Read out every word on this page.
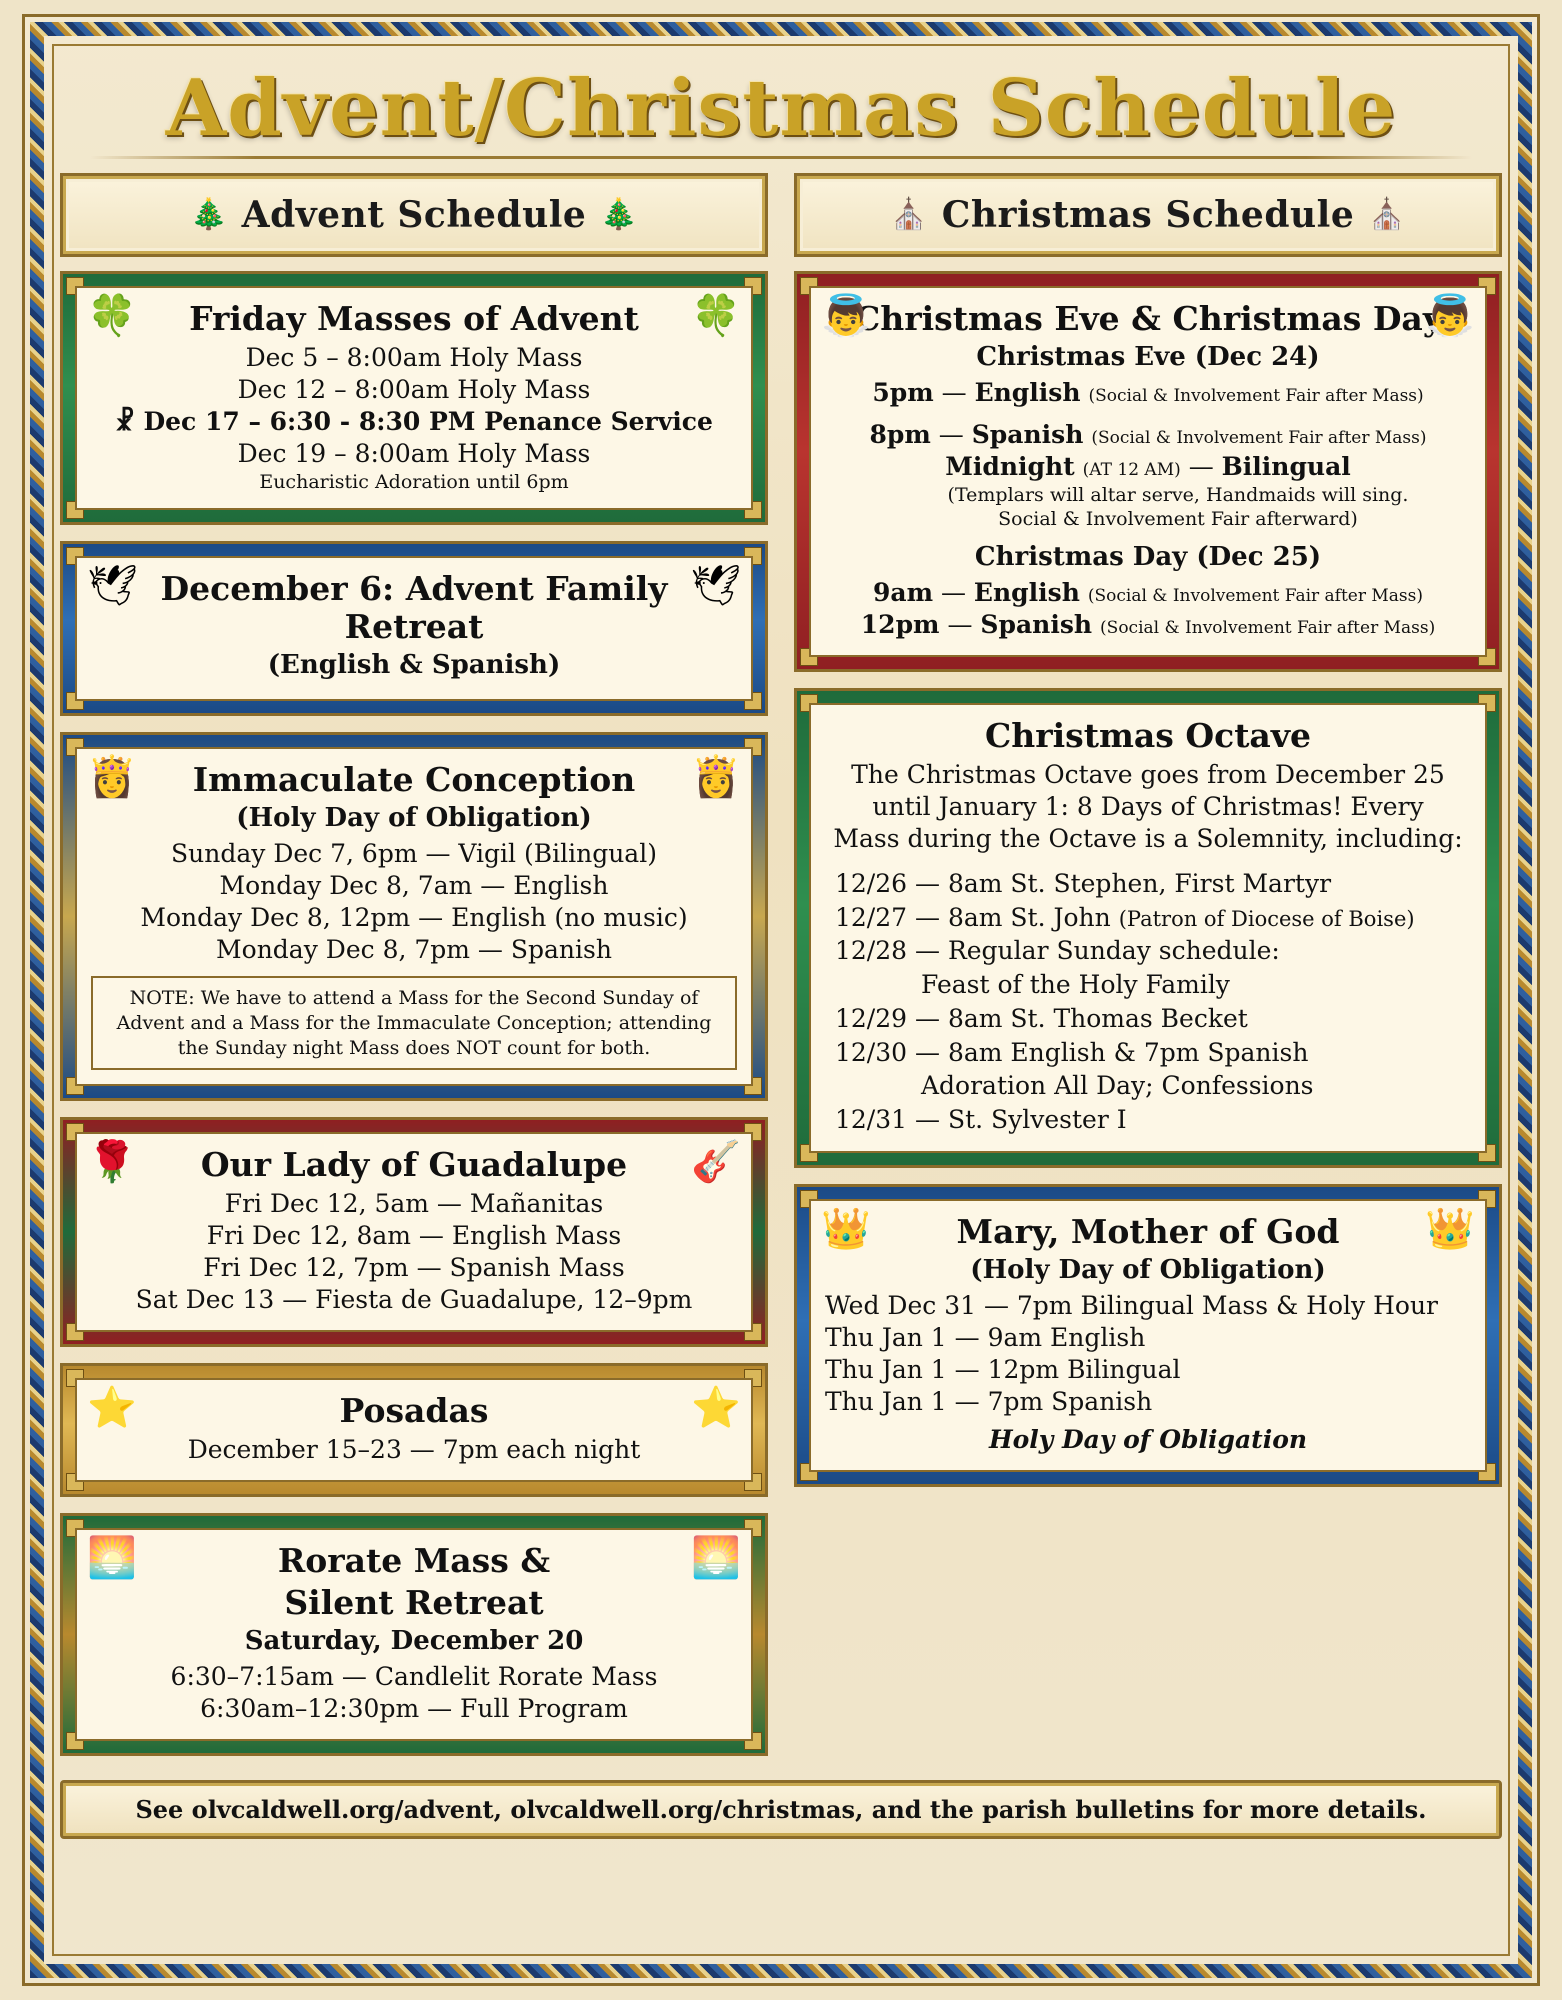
Advent/Christmas Schedule
🎄 Advent Schedule 🎄
🍀	🍀
Friday Masses of Advent
Dec 5 – 8:00am Holy Mass
Dec 12 – 8:00am Holy Mass
☧ Dec 17 – 6:30 - 8:30 PM Penance Service
Dec 19 – 8:00am Holy Mass
Eucharistic Adoration until 6pm
🕊	🕊
December 6: Advent Family Retreat
(English & Spanish)
👸	👸
Immaculate Conception
(Holy Day of Obligation)
Sunday Dec 7, 6pm — Vigil (Bilingual)
Monday Dec 8, 7am — English
Monday Dec 8, 12pm — English (no music)
Monday Dec 8, 7pm — Spanish
NOTE: We have to attend a Mass for the Second Sunday of Advent and a Mass for the Immaculate Conception; attending the Sunday night Mass does NOT count for both.
🌹	🎸
Our Lady of Guadalupe
Fri Dec 12, 5am — Mañanitas
Fri Dec 12, 8am — English Mass
Fri Dec 12, 7pm — Spanish Mass
Sat Dec 13 — Fiesta de Guadalupe, 12–9pm
⭐	⭐
Posadas
December 15–23 — 7pm each night
🌅	🌅
Rorate Mass &
Silent Retreat
Saturday, December 20
6:30–7:15am — Candlelit Rorate Mass
6:30am–12:30pm — Full Program
⛪ Christmas Schedule ⛪
👼	👼
Christmas Eve & Christmas Day
Christmas Eve (Dec 24)
5pm — English (Social & Involvement Fair after Mass)
8pm — Spanish (Social & Involvement Fair after Mass)
Midnight (AT 12 AM) — Bilingual
(Templars will altar serve, Handmaids will sing.
Social & Involvement Fair afterward)
Christmas Day (Dec 25)
9am — English (Social & Involvement Fair after Mass)
12pm — Spanish (Social & Involvement Fair after Mass)
Christmas Octave
The Christmas Octave goes from December 25
until January 1: 8 Days of Christmas! Every
Mass during the Octave is a Solemnity, including:
12/26 — 8am St. Stephen, First Martyr
12/27 — 8am St. John (Patron of Diocese of Boise)
12/28 — Regular Sunday schedule:
Feast of the Holy Family
12/29 — 8am St. Thomas Becket
12/30 — 8am English & 7pm Spanish
Adoration All Day; Confessions
12/31 — St. Sylvester I
👑	👑
Mary, Mother of God
(Holy Day of Obligation)
Wed Dec 31 — 7pm Bilingual Mass & Holy Hour
Thu Jan 1 — 9am English
Thu Jan 1 — 12pm Bilingual
Thu Jan 1 — 7pm Spanish
Holy Day of Obligation
See olvcaldwell.org/advent, olvcaldwell.org/christmas, and the parish bulletins for more details.
